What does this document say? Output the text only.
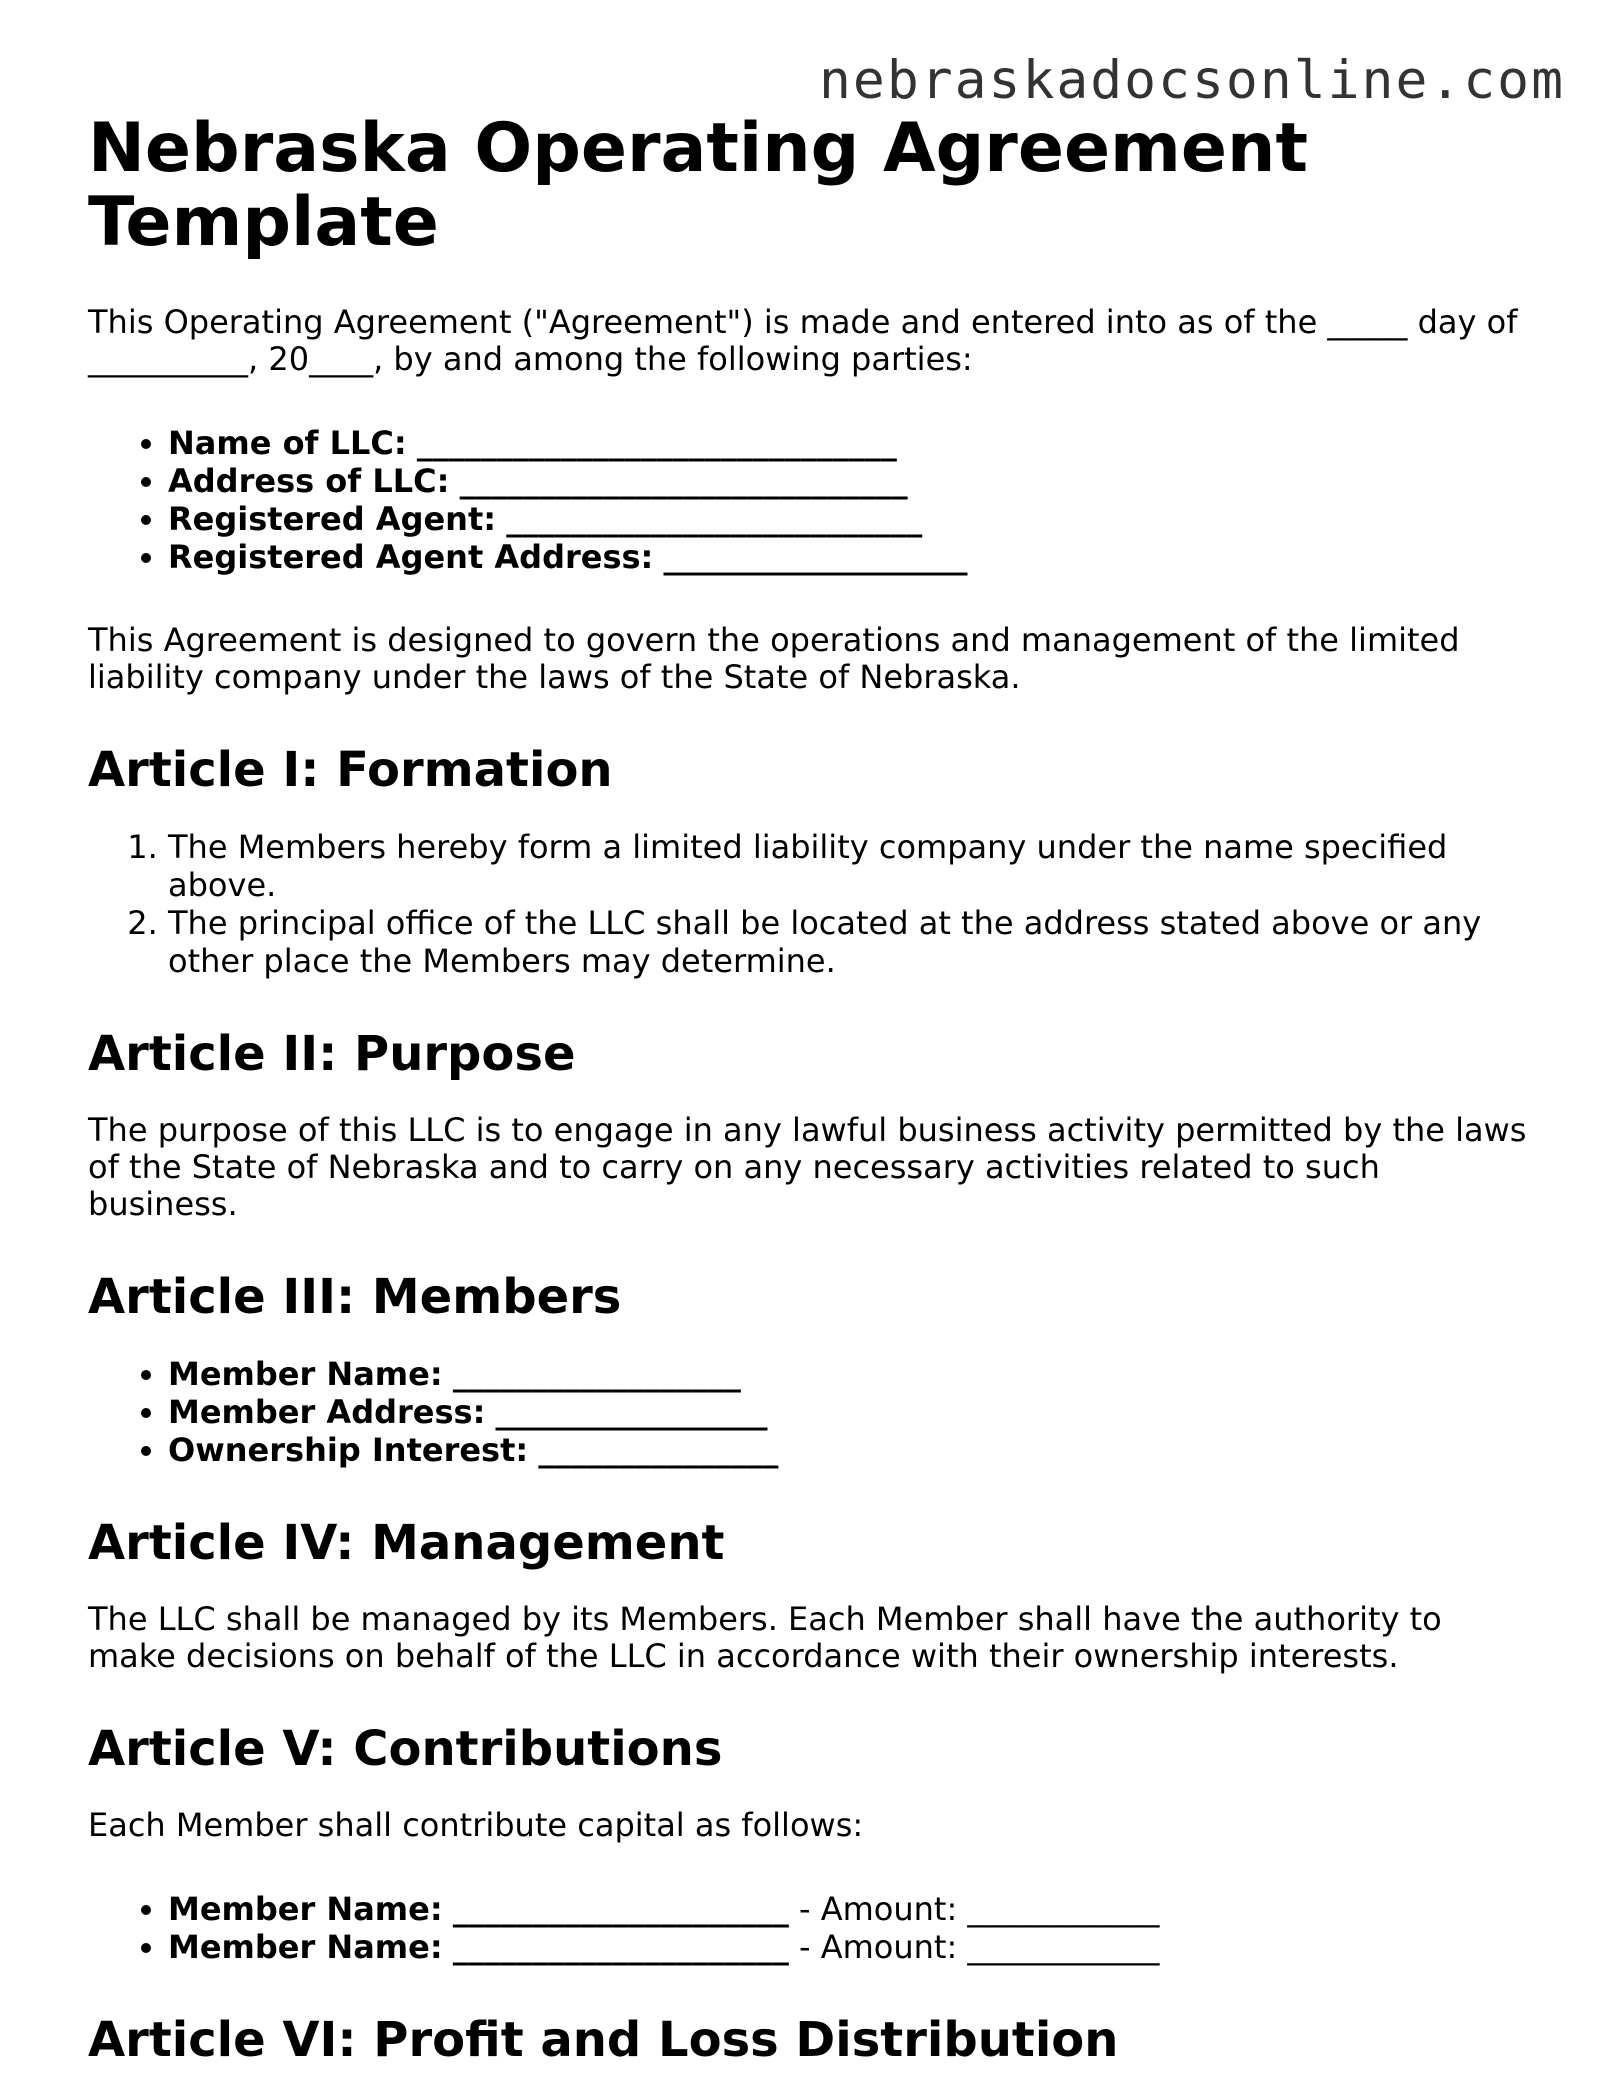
nebraskadocsonline.com
Nebraska Operating Agreement Template

This Operating Agreement ("Agreement") is made and entered into as of the _____ day of
__________, 20____, by and among the following parties:

• Name of LLC: ______________________________
• Address of LLC: ____________________________
• Registered Agent: __________________________
• Registered Agent Address: ___________________

This Agreement is designed to govern the operations and management of the limited liability company under the laws of the State of Nebraska.

Article I: Formation
1. The Members hereby form a limited liability company under the name specified above.
2. The principal office of the LLC shall be located at the address stated above or any other place the Members may determine.
Article II: Purpose

The purpose of this LLC is to engage in any lawful business activity permitted by the laws of the State of Nebraska and to carry on any necessary activities related to such business.

Article III: Members
• Member Name: __________________
• Member Address: _________________
• Ownership Interest: _______________
Article IV: Management

The LLC shall be managed by its Members. Each Member shall have the authority to make decisions on behalf of the LLC in accordance with their ownership interests.

Article V: Contributions

Each Member shall contribute capital as follows:

• Member Name: _____________________ - Amount: ____________
• Member Name: _____________________ - Amount: ____________
Article VI: Profit and Loss Distribution
